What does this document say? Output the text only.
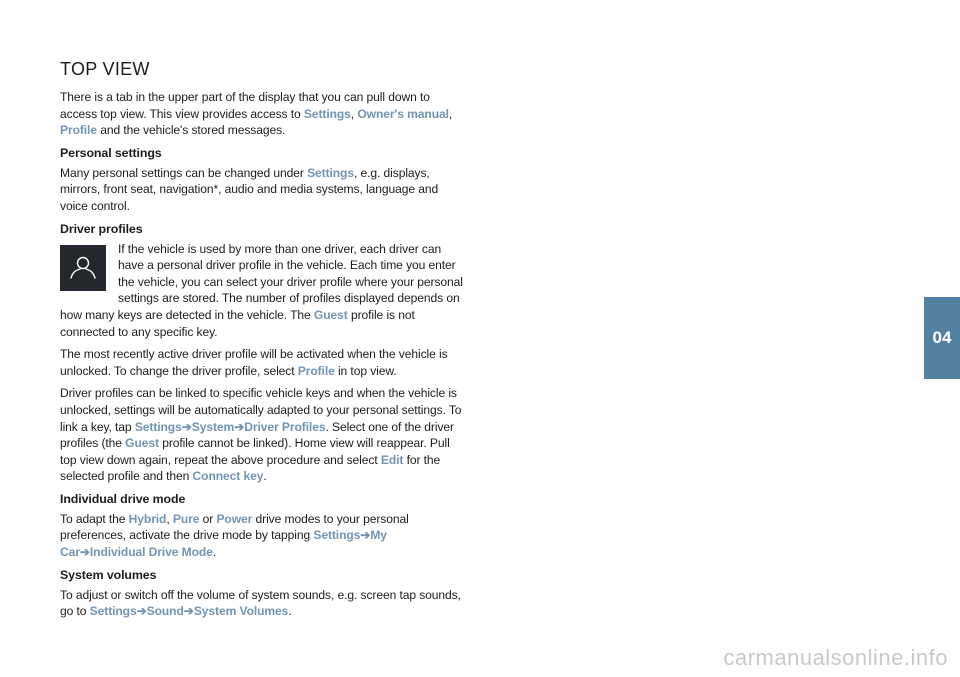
TOP VIEW

There is a tab in the upper part of the display that you can pull down to access top view. This view provides access to Settings, Owner's manual, Profile and the vehicle's stored messages.

Personal settings

Many personal settings can be changed under Settings, e.g. displays, mirrors, front seat, navigation*, audio and media systems, language and voice control.

Driver profiles

If the vehicle is used by more than one driver, each driver can have a personal driver profile in the vehicle. Each time you enter the vehicle, you can select your driver profile where your personal settings are stored. The number of profiles displayed depends on how many keys are detected in the vehicle. The Guest profile is not connected to any specific key.

The most recently active driver profile will be activated when the vehicle is unlocked. To change the driver profile, select Profile in top view.

Driver profiles can be linked to specific vehicle keys and when the vehicle is unlocked, settings will be automatically adapted to your personal settings. To link a key, tap Settings➔System➔Driver Profiles. Select one of the driver profiles (the Guest profile cannot be linked). Home view will reappear. Pull top view down again, repeat the above procedure and select Edit for the selected profile and then Connect key.

Individual drive mode

To adapt the Hybrid, Pure or Power drive modes to your personal preferences, activate the drive mode by tapping Settings➔My Car➔Individual Drive Mode.

System volumes

To adjust or switch off the volume of system sounds, e.g. screen tap sounds, go to Settings➔Sound➔System Volumes.

04
carmanualsonline.info
